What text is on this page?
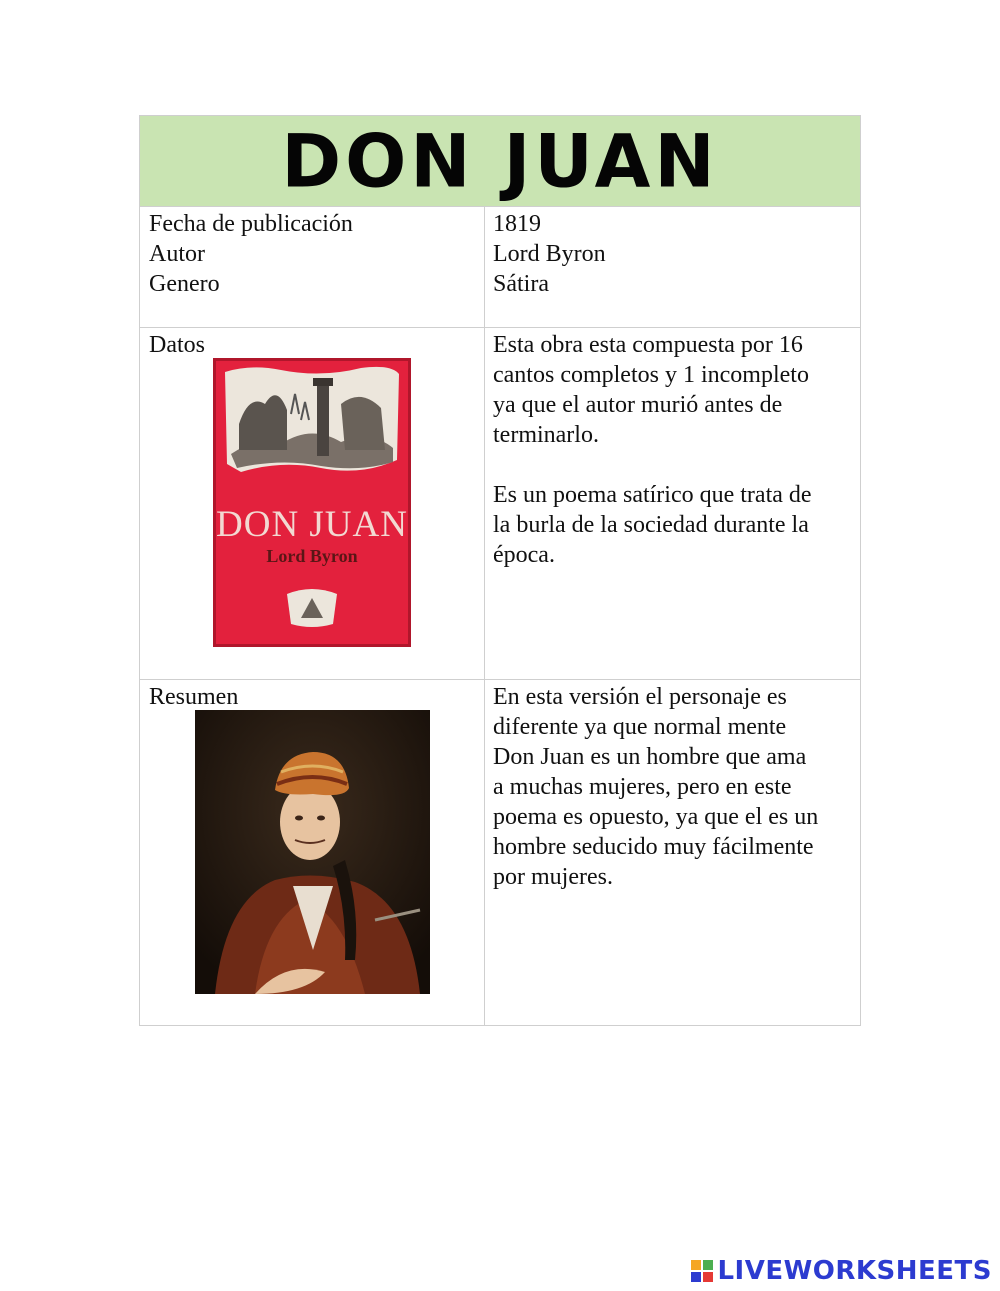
DON JUAN

Fecha de publicación
Autor
Genero

1819
Lord Byron
Sátira

Datos

DON JUAN
Lord Byron

Esta obra esta compuesta por 16
cantos completos y 1 incompleto
ya que el autor murió antes de
terminarlo.

Es un poema satírico que trata de
la burla de la sociedad durante la
época.

Resumen	En esta versión el personaje es
diferente ya que normal mente
Don Juan es un hombre que ama
a muchas mujeres, pero en este
poema es opuesto, ya que el es un
hombre seducido muy fácilmente
por mujeres.

LIVEWORKSHEETS
